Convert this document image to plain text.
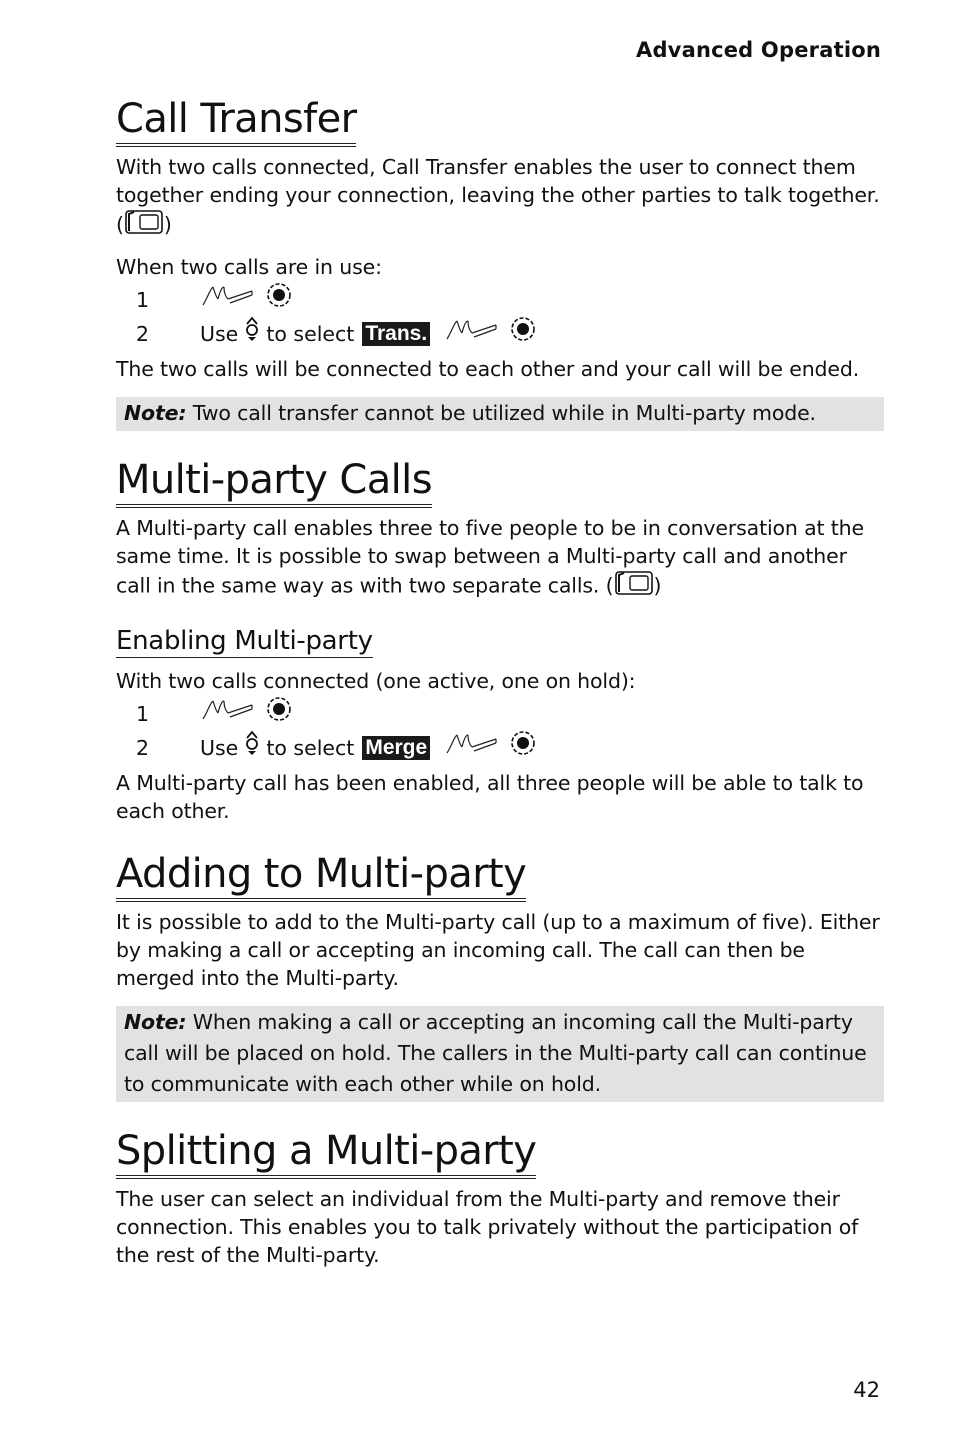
Advanced Operation
Call Transfer

With two calls connected, Call Transfer enables the user to connect them together ending your connection, leaving the other parties to talk together. ( )

When two calls are in use:

1
2 Use to select Trans.

The two calls will be connected to each other and your call will be ended.

Note: Two call transfer cannot be utilized while in Multi-party mode.
Multi-party Calls

A Multi-party call enables three to five people to be in conversation at the same time. It is possible to swap between a Multi-party call and another call in the same way as with two separate calls. ( )

Enabling Multi-party

With two calls connected (one active, one on hold):

1
2 Use to select Merge

A Multi-party call has been enabled, all three people will be able to talk to each other.

Adding to Multi-party

It is possible to add to the Multi-party call (up to a maximum of five). Either by making a call or accepting an incoming call. The call can then be merged into the Multi-party.

Note: When making a call or accepting an incoming call the Multi-party call will be placed on hold. The callers in the Multi-party call can continue to communicate with each other while on hold.
Splitting a Multi-party

The user can select an individual from the Multi-party and remove their connection. This enables you to talk privately without the participation of the rest of the Multi-party.

42
